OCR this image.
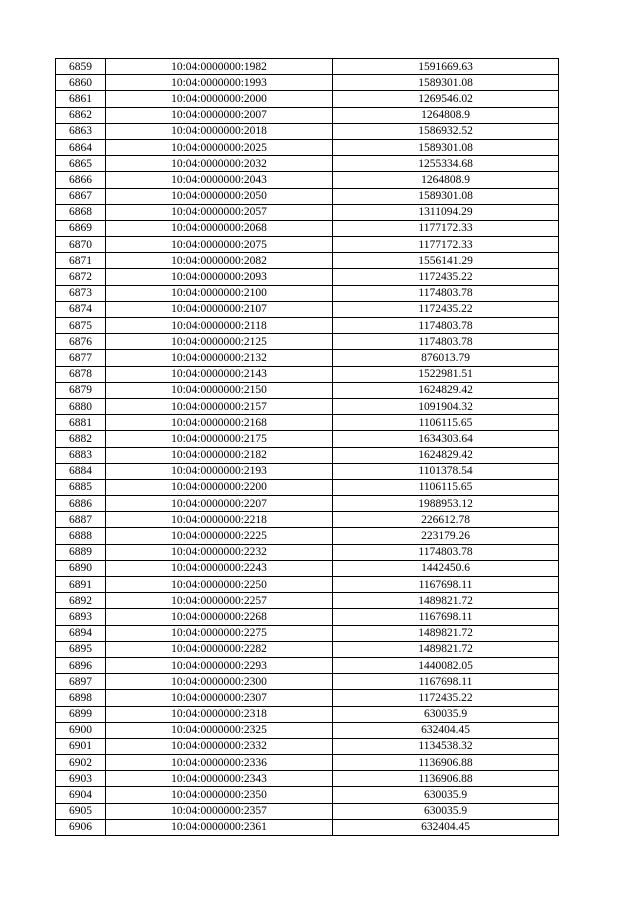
6859	10:04:0000000:1982	1591669.63
6860	10:04:0000000:1993	1589301.08
6861	10:04:0000000:2000	1269546.02
6862	10:04:0000000:2007	1264808.9
6863	10:04:0000000:2018	1586932.52
6864	10:04:0000000:2025	1589301.08
6865	10:04:0000000:2032	1255334.68
6866	10:04:0000000:2043	1264808.9
6867	10:04:0000000:2050	1589301.08
6868	10:04:0000000:2057	1311094.29
6869	10:04:0000000:2068	1177172.33
6870	10:04:0000000:2075	1177172.33
6871	10:04:0000000:2082	1556141.29
6872	10:04:0000000:2093	1172435.22
6873	10:04:0000000:2100	1174803.78
6874	10:04:0000000:2107	1172435.22
6875	10:04:0000000:2118	1174803.78
6876	10:04:0000000:2125	1174803.78
6877	10:04:0000000:2132	876013.79
6878	10:04:0000000:2143	1522981.51
6879	10:04:0000000:2150	1624829.42
6880	10:04:0000000:2157	1091904.32
6881	10:04:0000000:2168	1106115.65
6882	10:04:0000000:2175	1634303.64
6883	10:04:0000000:2182	1624829.42
6884	10:04:0000000:2193	1101378.54
6885	10:04:0000000:2200	1106115.65
6886	10:04:0000000:2207	1988953.12
6887	10:04:0000000:2218	226612.78
6888	10:04:0000000:2225	223179.26
6889	10:04:0000000:2232	1174803.78
6890	10:04:0000000:2243	1442450.6
6891	10:04:0000000:2250	1167698.11
6892	10:04:0000000:2257	1489821.72
6893	10:04:0000000:2268	1167698.11
6894	10:04:0000000:2275	1489821.72
6895	10:04:0000000:2282	1489821.72
6896	10:04:0000000:2293	1440082.05
6897	10:04:0000000:2300	1167698.11
6898	10:04:0000000:2307	1172435.22
6899	10:04:0000000:2318	630035.9
6900	10:04:0000000:2325	632404.45
6901	10:04:0000000:2332	1134538.32
6902	10:04:0000000:2336	1136906.88
6903	10:04:0000000:2343	1136906.88
6904	10:04:0000000:2350	630035.9
6905	10:04:0000000:2357	630035.9
6906	10:04:0000000:2361	632404.45
